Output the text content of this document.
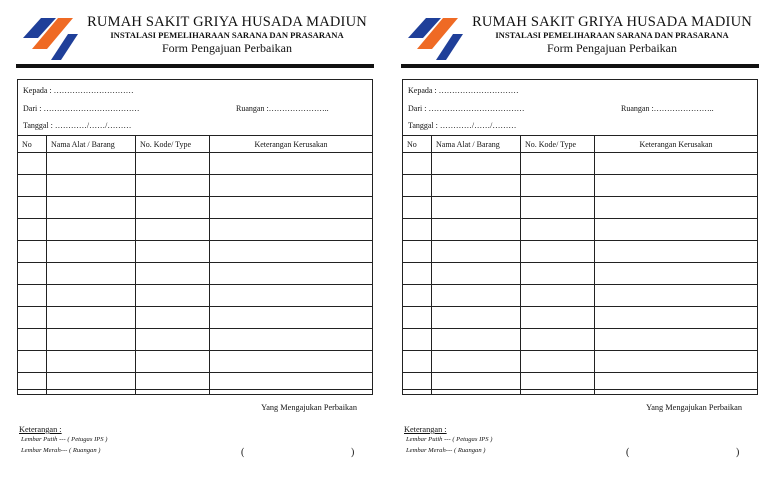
RUMAH SAKIT GRIYA HUSADA MADIUN
INSTALASI PEMELIHARAAN SARANA DAN PRASARANA
Form Pengajuan Perbaikan
Kepada : …………………………
Dari : ………………………………	Ruangan :…………………..
Tanggal : …………/……/………
No	Nama Alat / Barang	No. Kode/ Type	Keterangan Kerusakan

Yang Mengajukan Perbaikan
Keterangan :
Lembar Putih --- ( Petugas IPS )
Lembar Merah--- ( Ruangan )	(	)
RUMAH SAKIT GRIYA HUSADA MADIUN
INSTALASI PEMELIHARAAN SARANA DAN PRASARANA
Form Pengajuan Perbaikan
Kepada : …………………………
Dari : ………………………………	Ruangan :…………………..
Tanggal : …………/……/………
No	Nama Alat / Barang	No. Kode/ Type	Keterangan Kerusakan

Yang Mengajukan Perbaikan
Keterangan :
Lembar Putih --- ( Petugas IPS )
Lembar Merah--- ( Ruangan )	(	)
